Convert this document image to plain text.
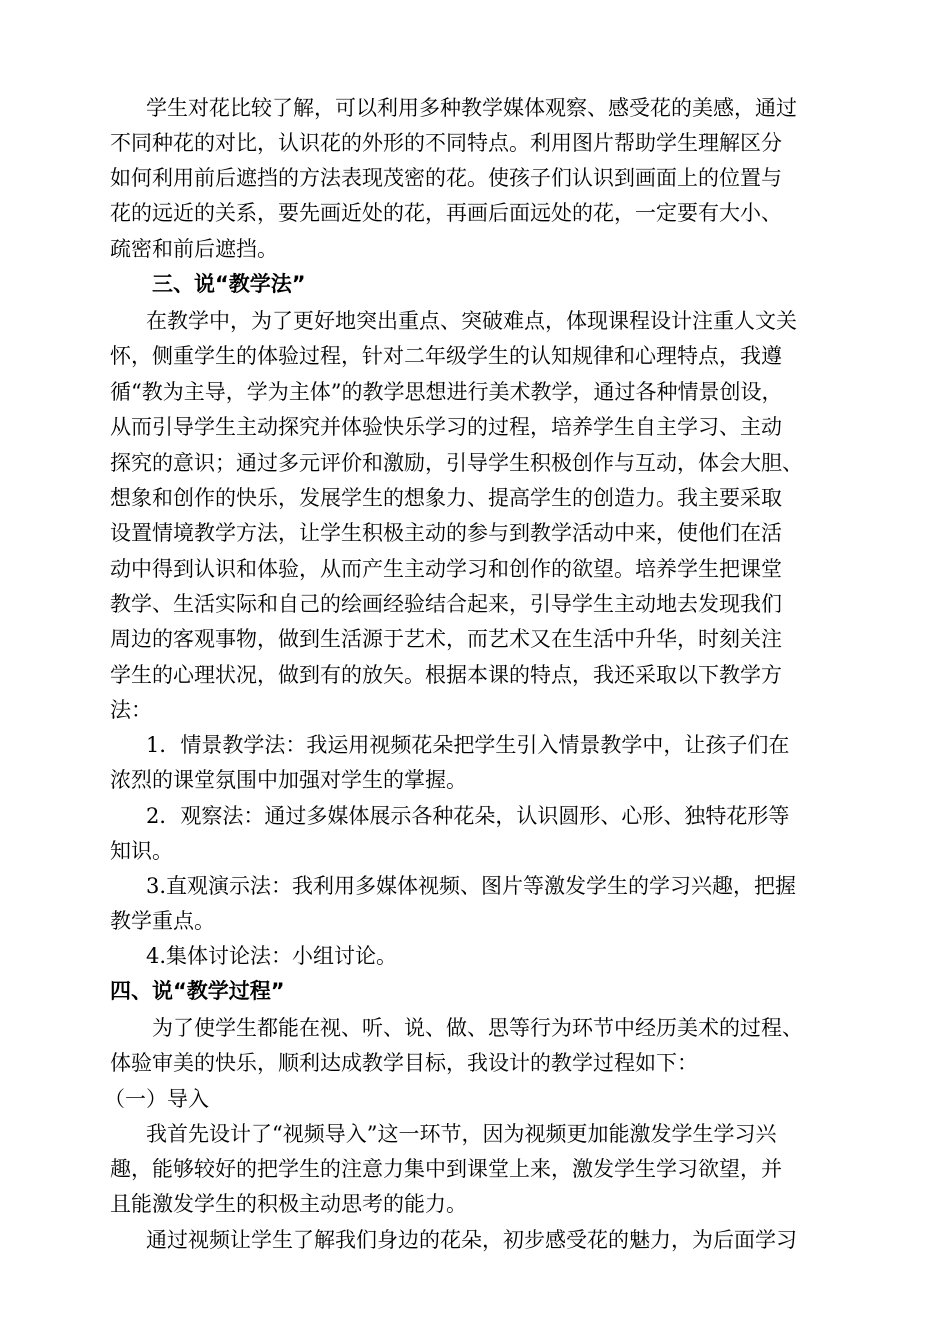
学生对花比较了解，可以利用多种教学媒体观察、感受花的美感，通过
不同种花的对比，认识花的外形的不同特点。利用图片帮助学生理解区分
如何利用前后遮挡的方法表现茂密的花。使孩子们认识到画面上的位置与
花的远近的关系，要先画近处的花，再画后面远处的花，一定要有大小、
疏密和前后遮挡。
三、说“教学法”
在教学中，为了更好地突出重点、突破难点，体现课程设计注重人文关
怀，侧重学生的体验过程，针对二年级学生的认知规律和心理特点，我遵
循“教为主导，学为主体”的教学思想进行美术教学，通过各种情景创设，
从而引导学生主动探究并体验快乐学习的过程，培养学生自主学习、主动
探究的意识；通过多元评价和激励，引导学生积极创作与互动，体会大胆、
想象和创作的快乐，发展学生的想象力、提高学生的创造力。我主要采取
设置情境教学方法，让学生积极主动的参与到教学活动中来，使他们在活
动中得到认识和体验，从而产生主动学习和创作的欲望。培养学生把课堂
教学、生活实际和自己的绘画经验结合起来，引导学生主动地去发现我们
周边的客观事物，做到生活源于艺术，而艺术又在生活中升华，时刻关注
学生的心理状况，做到有的放矢。根据本课的特点，我还采取以下教学方
法：
1．情景教学法：我运用视频花朵把学生引入情景教学中，让孩子们在
浓烈的课堂氛围中加强对学生的掌握。
2．观察法：通过多媒体展示各种花朵，认识圆形、心形、独特花形等
知识。
3.直观演示法：我利用多媒体视频、图片等激发学生的学习兴趣，把握
教学重点。
4.集体讨论法：小组讨论。
四、说“教学过程”
为了使学生都能在视、听、说、做、思等行为环节中经历美术的过程、
体验审美的快乐，顺利达成教学目标，我设计的教学过程如下：
（一）导入
我首先设计了“视频导入”这一环节，因为视频更加能激发学生学习兴
趣，能够较好的把学生的注意力集中到课堂上来，激发学生学习欲望，并
且能激发学生的积极主动思考的能力。
通过视频让学生了解我们身边的花朵，初步感受花的魅力，为后面学习
